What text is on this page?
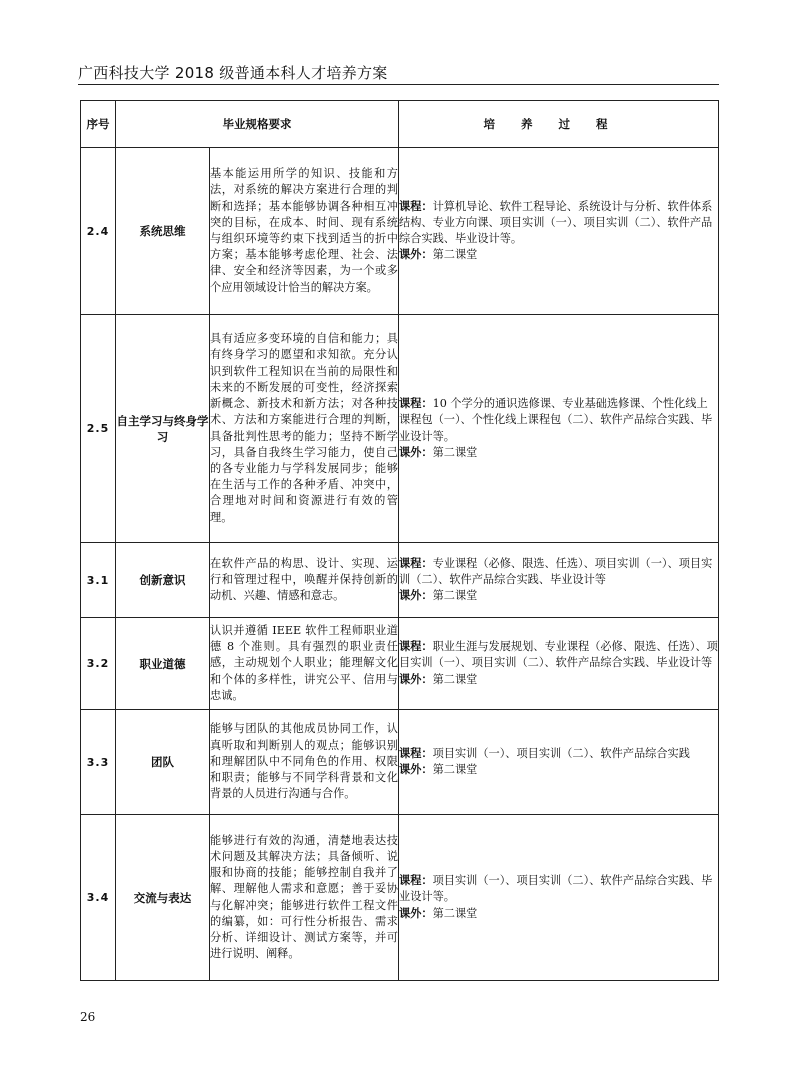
广西科技大学 2018 级普通本科人才培养方案
序号	毕业规格要求		培养过程
2.4	系统思维	基本能运用所学的知识、技能和方法，对系统的解决方案进行合理的判断和选择；基本能够协调各种相互冲突的目标，在成本、时间、现有系统与组织环境等约束下找到适当的折中方案；基本能够考虑伦理、社会、法律、安全和经济等因素，为一个或多个应用领域设计恰当的解决方案。	课程：计算机导论、软件工程导论、系统设计与分析、软件体系结构、专业方向课、项目实训（一）、项目实训（二）、软件产品综合实践、毕业设计等。
课外：第二课堂
2.5	自主学习与终身学习	具有适应多变环境的自信和能力；具有终身学习的愿望和求知欲。充分认识到软件工程知识在当前的局限性和未来的不断发展的可变性，经济探索新概念、新技术和新方法；对各种技术、方法和方案能进行合理的判断，具备批判性思考的能力；坚持不断学习，具备自我终生学习能力，使自己的各专业能力与学科发展同步；能够在生活与工作的各种矛盾、冲突中，合理地对时间和资源进行有效的管理。	课程：10 个学分的通识选修课、专业基础选修课、个性化线上课程包（一）、个性化线上课程包（二）、软件产品综合实践、毕业设计等。
课外：第二课堂
3.1	创新意识	在软件产品的构思、设计、实现、运行和管理过程中，唤醒并保持创新的动机、兴趣、情感和意志。	课程：专业课程（必修、限选、任选）、项目实训（一）、项目实训（二）、软件产品综合实践、毕业设计等
课外：第二课堂
3.2	职业道德	认识并遵循 IEEE 软件工程师职业道德 8 个准则。具有强烈的职业责任感，主动规划个人职业；能理解文化和个体的多样性，讲究公平、信用与忠诚。	课程：职业生涯与发展规划、专业课程（必修、限选、任选）、项目实训（一）、项目实训（二）、软件产品综合实践、毕业设计等
课外：第二课堂
3.3	团队	能够与团队的其他成员协同工作，认真听取和判断别人的观点；能够识别和理解团队中不同角色的作用、权限和职责；能够与不同学科背景和文化背景的人员进行沟通与合作。	课程：项目实训（一）、项目实训（二）、软件产品综合实践
课外：第二课堂
3.4	交流与表达	能够进行有效的沟通，清楚地表达技术问题及其解决方法；具备倾听、说服和协商的技能；能够控制自我并了解、理解他人需求和意愿；善于妥协与化解冲突；能够进行软件工程文件的编纂，如：可行性分析报告、需求分析、详细设计、测试方案等，并可进行说明、阐释。	课程：项目实训（一）、项目实训（二）、软件产品综合实践、毕业设计等。
课外：第二课堂
26
